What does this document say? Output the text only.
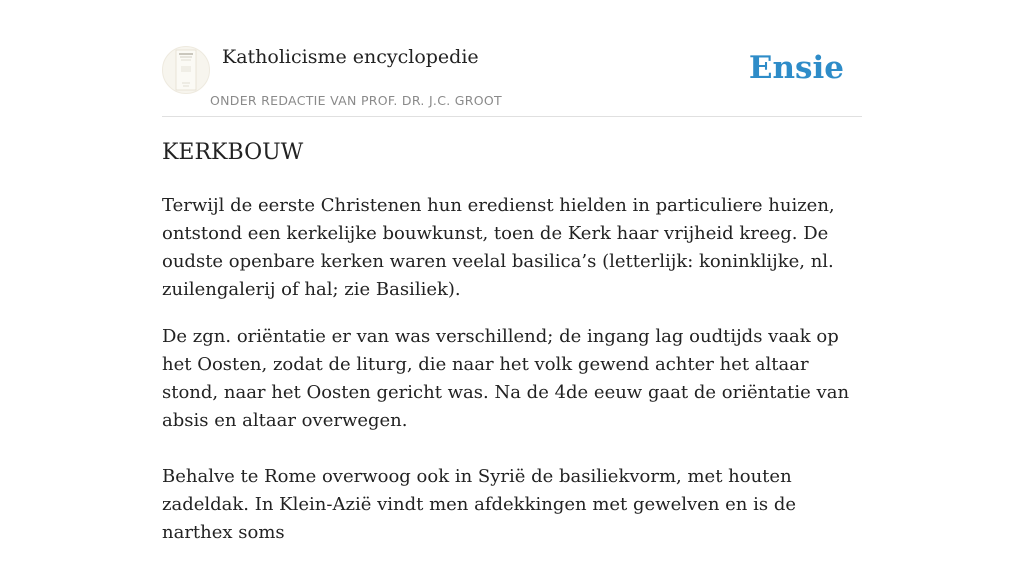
Katholicisme encyclopedie
ONDER REDACTIE VAN PROF. DR. J.C. GROOT
Ensie
KERKBOUW

Terwijl de eerste Christenen hun eredienst hielden in particuliere huizen, ontstond een kerkelijke bouwkunst, toen de Kerk haar vrijheid kreeg. De oudste openbare kerken waren veelal basilica’s (letterlijk: koninklijke, nl. zuilengalerij of hal; zie Basiliek).

De zgn. oriëntatie er van was verschillend; de ingang lag oudtijds vaak op het Oosten, zodat de liturg, die naar het volk gewend achter het altaar stond, naar het Oosten gericht was. Na de 4de eeuw gaat de oriëntatie van absis en altaar overwegen.

Behalve te Rome overwoog ook in Syrië de basiliekvorm, met houten zadeldak. In Klein-Azië vindt men afdekkingen met gewelven en is de narthex soms
